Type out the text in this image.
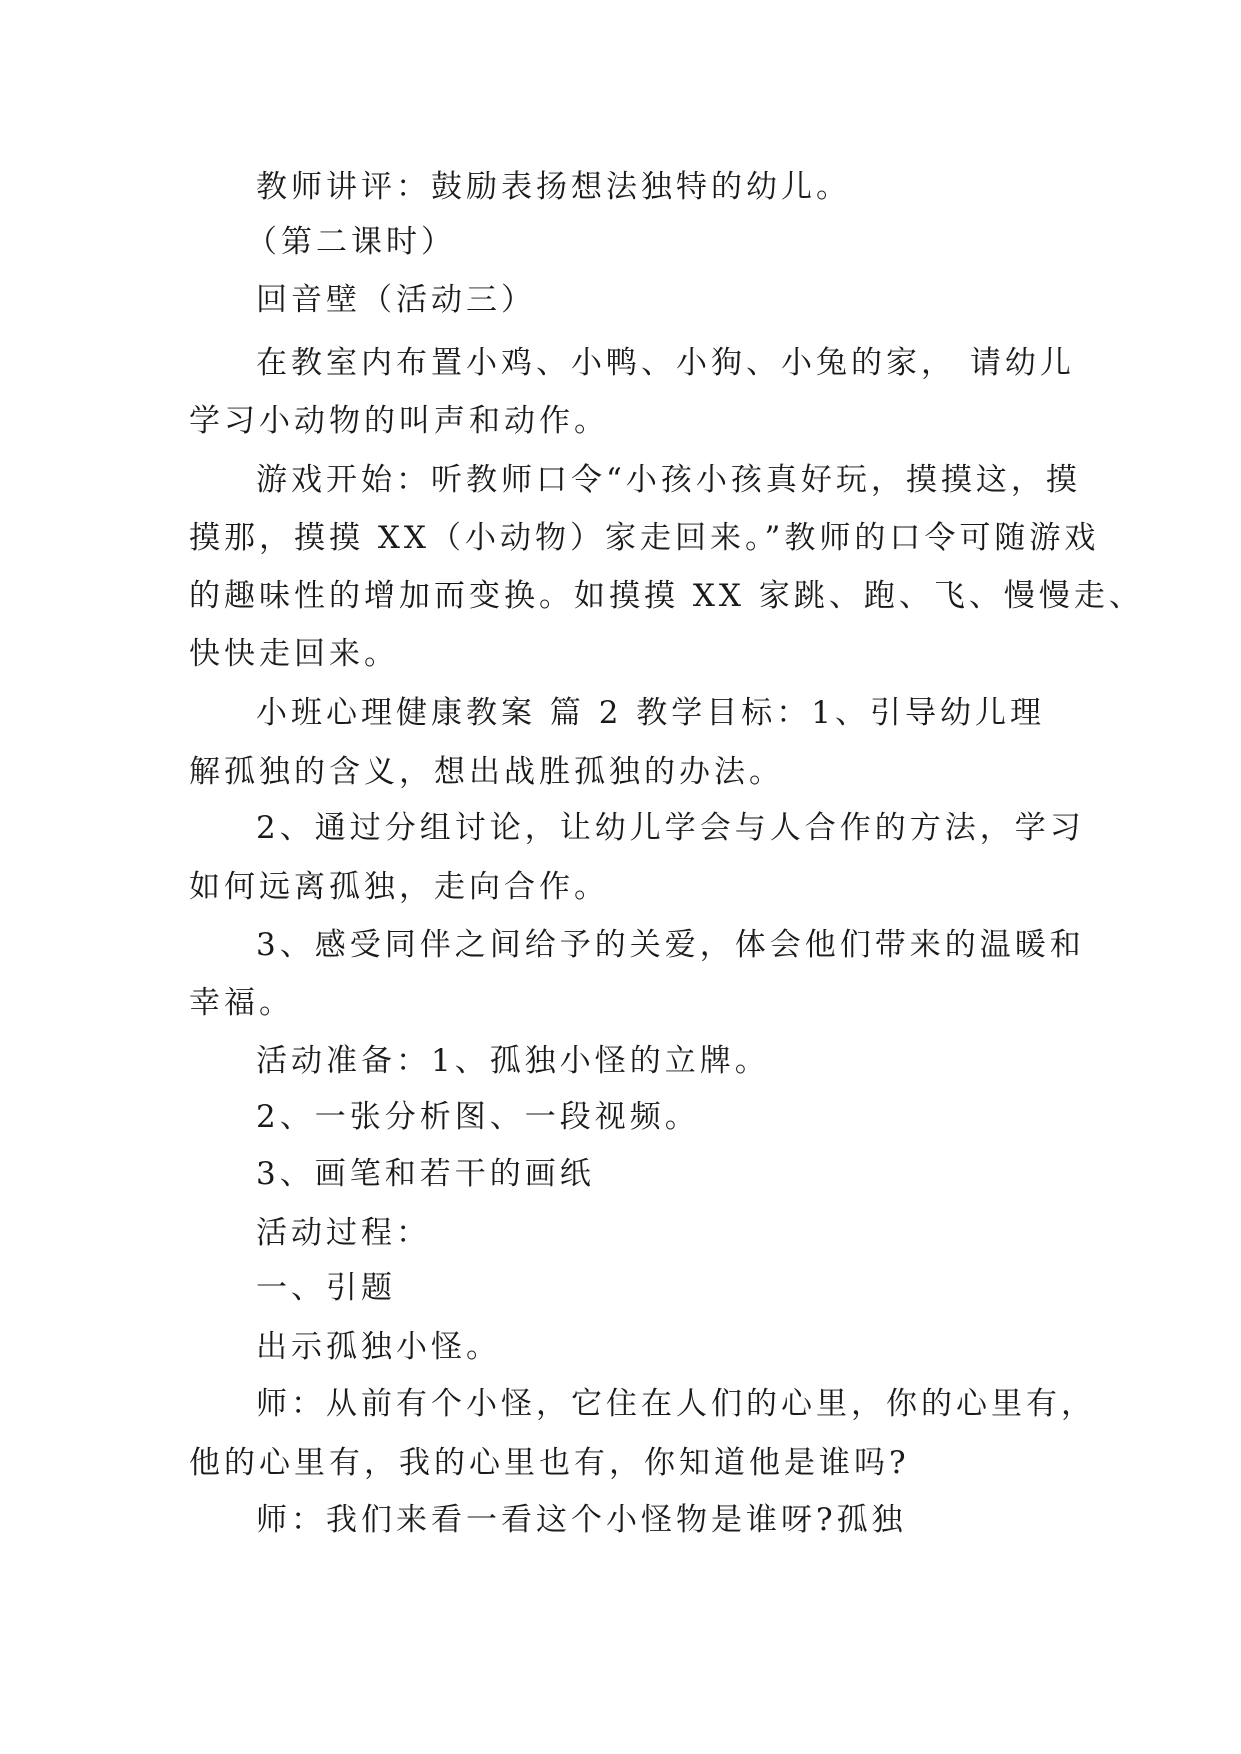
教师讲评：鼓励表扬想法独特的幼儿。

（第二课时）

回音壁（活动三）

在教室内布置小鸡、小鸭、小狗、小兔的家， 请幼儿

学习小动物的叫声和动作。

游戏开始：听教师口令“小孩小孩真好玩，摸摸这，摸

摸那，摸摸 XX（小动物）家走回来。”教师的口令可随游戏

的趣味性的增加而变换。如摸摸 XX 家跳、跑、飞、慢慢走、

快快走回来。

小班心理健康教案 篇 2 教学目标：1、引导幼儿理

解孤独的含义，想出战胜孤独的办法。

2、通过分组讨论，让幼儿学会与人合作的方法，学习

如何远离孤独，走向合作。

3、感受同伴之间给予的关爱，体会他们带来的温暖和

幸福。

活动准备：1、孤独小怪的立牌。

2、一张分析图、一段视频。

3、画笔和若干的画纸

活动过程：

一、引题

出示孤独小怪。

师：从前有个小怪，它住在人们的心里，你的心里有，

他的心里有，我的心里也有，你知道他是谁吗?

师：我们来看一看这个小怪物是谁呀?孤独
